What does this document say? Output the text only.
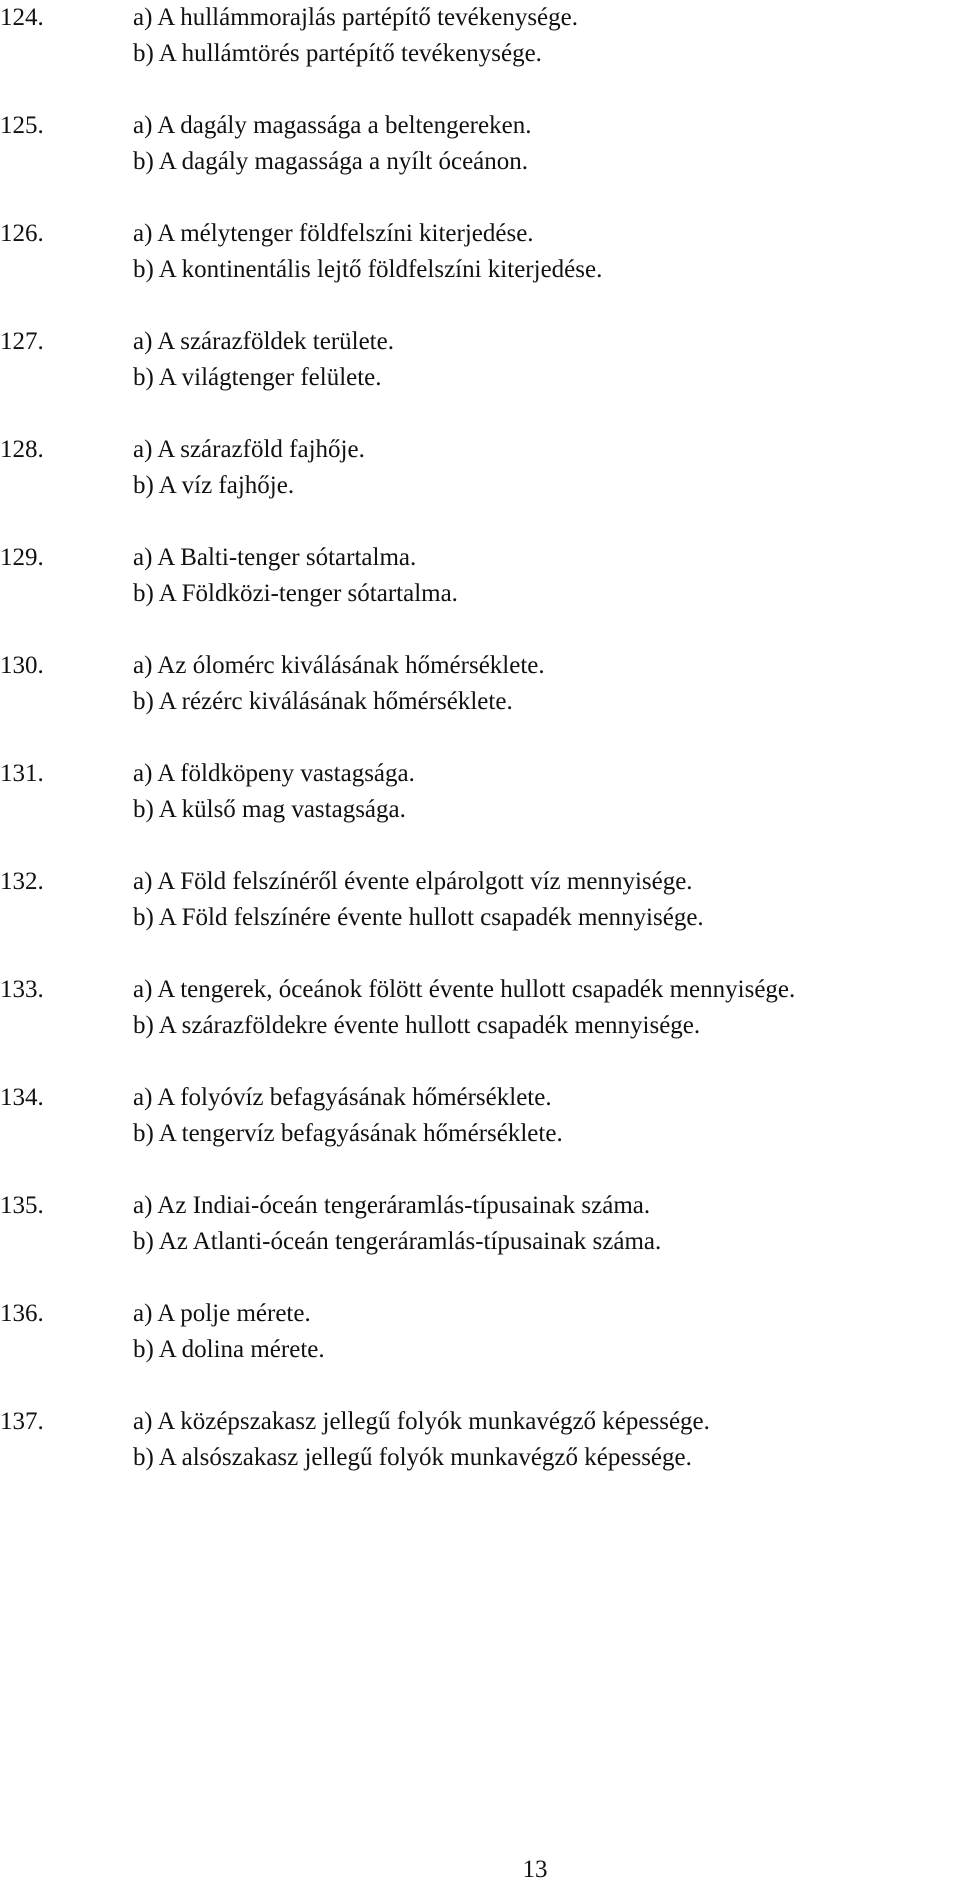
124.	a) A hullámmorajlás partépítő tevékenysége.
b) A hullámtörés partépítő tevékenysége.
125.	a) A dagály magassága a beltengereken.
b) A dagály magassága a nyílt óceánon.
126.	a) A mélytenger földfelszíni kiterjedése.
b) A kontinentális lejtő földfelszíni kiterjedése.
127.	a) A szárazföldek területe.
b) A világtenger felülete.
128.	a) A szárazföld fajhője.
b) A víz fajhője.
129.	a) A Balti-tenger sótartalma.
b) A Földközi-tenger sótartalma.
130.	a) Az ólomérc kiválásának hőmérséklete.
b) A rézérc kiválásának hőmérséklete.
131.	a) A földköpeny vastagsága.
b) A külső mag vastagsága.
132.	a) A Föld felszínéről évente elpárolgott víz mennyisége.
b) A Föld felszínére évente hullott csapadék mennyisége.
133.	a) A tengerek, óceánok fölött évente hullott csapadék mennyisége.
b) A szárazföldekre évente hullott csapadék mennyisége.
134.	a) A folyóvíz befagyásának hőmérséklete.
b) A tengervíz befagyásának hőmérséklete.
135.	a) Az Indiai-óceán tengeráramlás-típusainak száma.
b) Az Atlanti-óceán tengeráramlás-típusainak száma.
136.	a) A polje mérete.
b) A dolina mérete.
137.	a) A középszakasz jellegű folyók munkavégző képessége.
b) A alsószakasz jellegű folyók munkavégző képessége.
13
